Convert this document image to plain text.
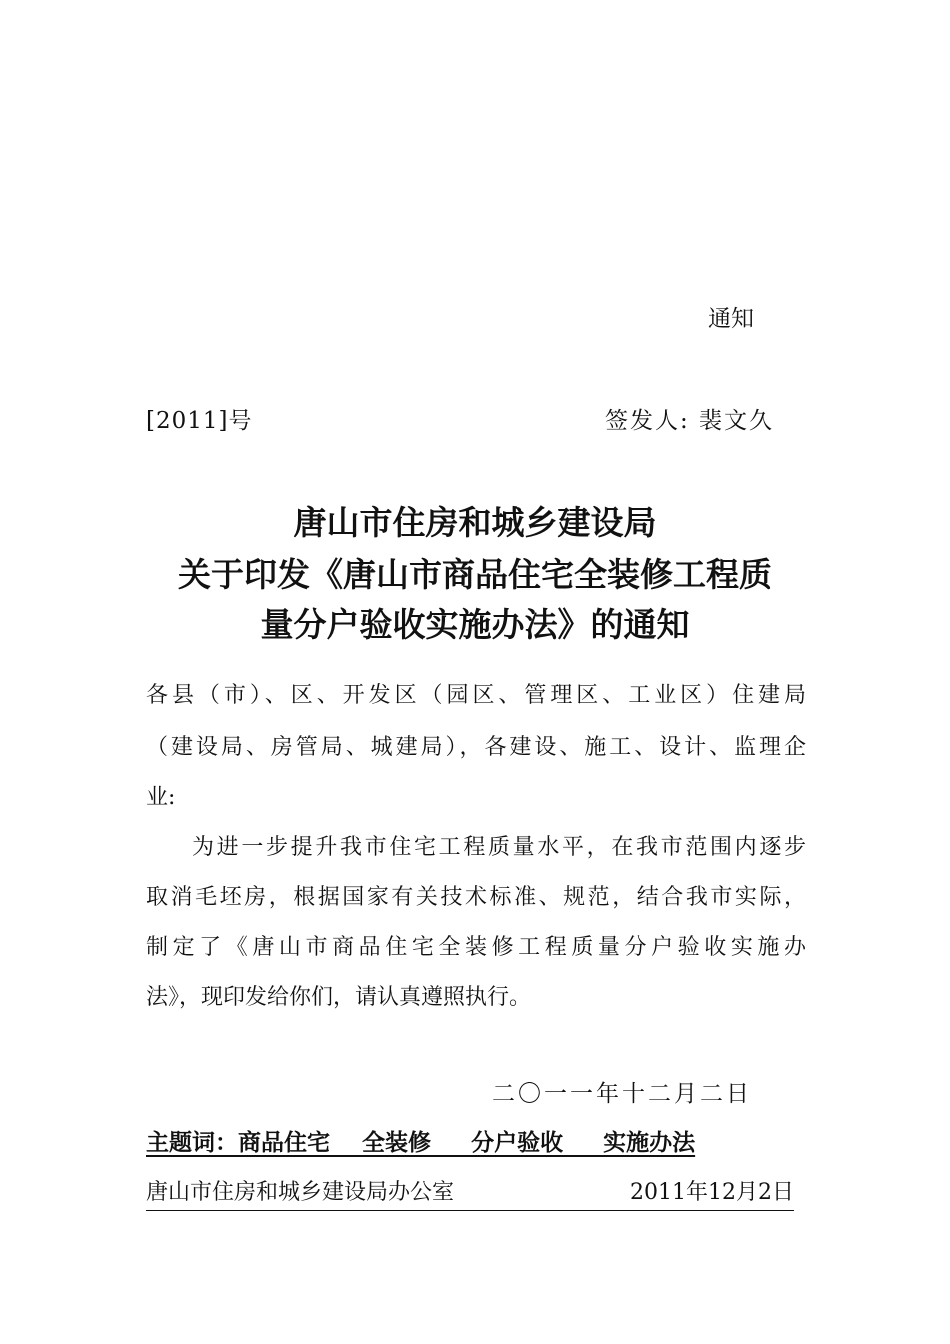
通知
[2011]号	签发人: 裴文久
唐山市住房和城乡建设局
关于印发《唐山市商品住宅全装修工程质
量分户验收实施办法》的通知
各县（市）、区、开发区（园区、管理区、工业区）住建局
（建设局、房管局、城建局），各建设、施工、设计、监理企
业:
为进一步提升我市住宅工程质量水平，在我市范围内逐步
取消毛坯房，根据国家有关技术标准、规范，结合我市实际，
制定了《唐山市商品住宅全装修工程质量分户验收实施办
法》，现印发给你们，请认真遵照执行。
二〇一一年十二月二日
主题词：商品住宅    全装修     分户验收     实施办法
唐山市住房和城乡建设局办公室	2011年12月2日
